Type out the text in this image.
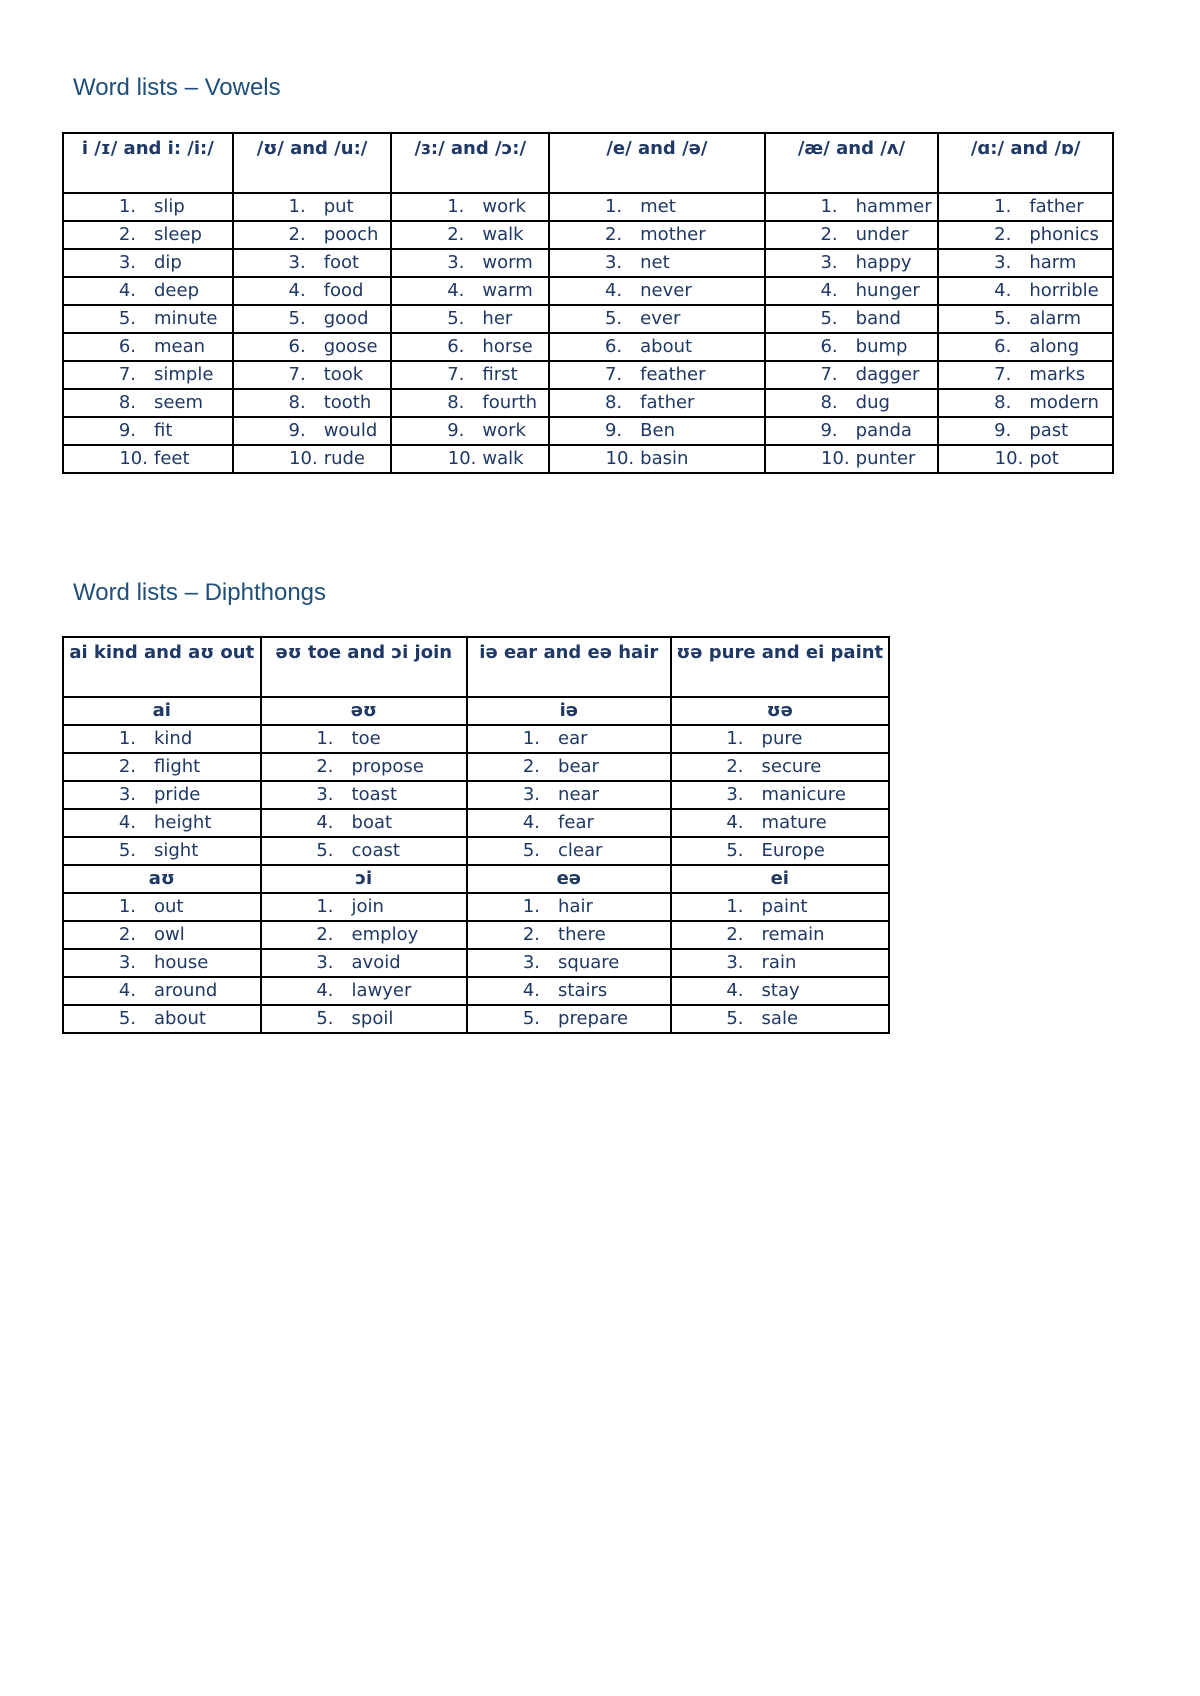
Word lists – Vowels
i /ɪ/ and i: /i:/	/ʊ/ and /u:/	/ɜ:/ and /ɔ:/	/e/ and /ə/	/æ/ and /ʌ/	/ɑ:/ and /ɒ/
1. slip	1. put	1. work	1. met	1. hammer	1. father
2. sleep	2. pooch	2. walk	2. mother	2. under	2. phonics
3. dip	3. foot	3. worm	3. net	3. happy	3. harm
4. deep	4. food	4. warm	4. never	4. hunger	4. horrible
5. minute	5. good	5. her	5. ever	5. band	5. alarm
6. mean	6. goose	6. horse	6. about	6. bump	6. along
7. simple	7. took	7. first	7. feather	7. dagger	7. marks
8. seem	8. tooth	8. fourth	8. father	8. dug	8. modern
9. fit	9. would	9. work	9. Ben	9. panda	9. past
10. feet	10. rude	10. walk	10. basin	10. punter	10. pot
Word lists – Diphthongs
ai kind and aʊ out	əʊ toe and ɔi join	iə ear and eə hair	ʊə pure and ei paint
ai	əʊ	iə	ʊə
1. kind	1. toe	1. ear	1. pure
2. flight	2. propose	2. bear	2. secure
3. pride	3. toast	3. near	3. manicure
4. height	4. boat	4. fear	4. mature
5. sight	5. coast	5. clear	5. Europe
aʊ	ɔi	eə	ei
1. out	1. join	1. hair	1. paint
2. owl	2. employ	2. there	2. remain
3. house	3. avoid	3. square	3. rain
4. around	4. lawyer	4. stairs	4. stay
5. about	5. spoil	5. prepare	5. sale
